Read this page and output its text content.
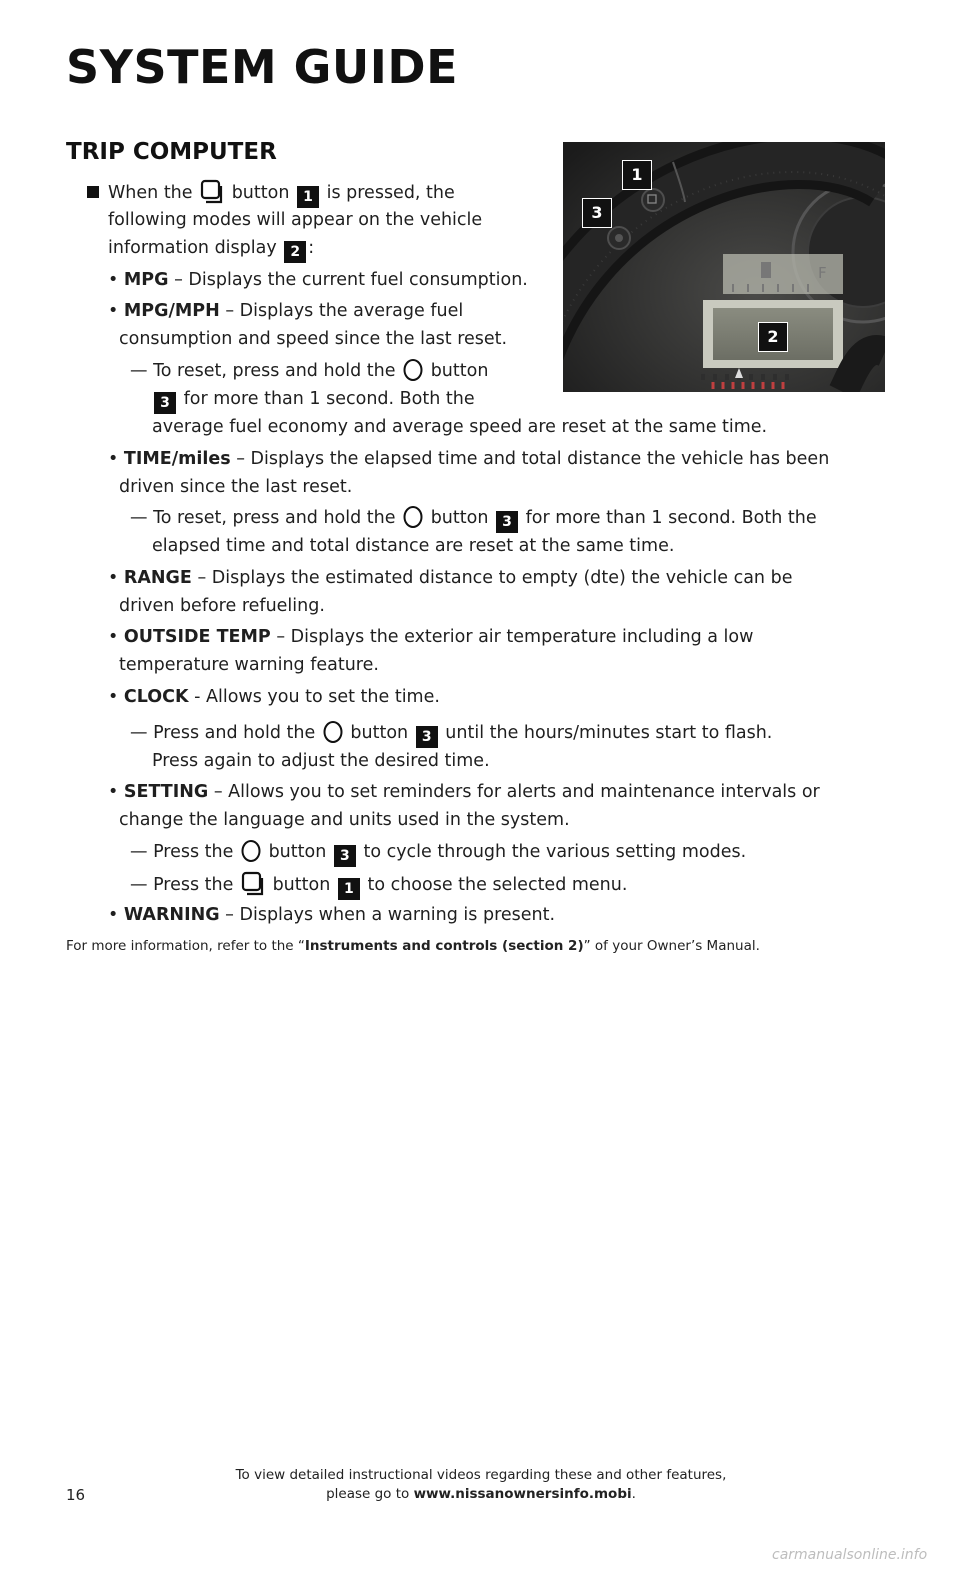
SYSTEM GUIDE
TRIP COMPUTER
F
1
3
2
When the button 1 is pressed, the
following modes will appear on the vehicle
information display 2 :
• MPG – Displays the current fuel consumption.
• MPG/MPH – Displays the average fuel
consumption and speed since the last reset.
— To reset, press and hold the button
3 for more than 1 second. Both the
average fuel economy and average speed are reset at the same time.
• TIME/miles – Displays the elapsed time and total distance the vehicle has been
driven since the last reset.
— To reset, press and hold the button 3 for more than 1 second. Both the
elapsed time and total distance are reset at the same time.
• RANGE – Displays the estimated distance to empty (dte) the vehicle can be
driven before refueling.
• OUTSIDE TEMP – Displays the exterior air temperature including a low
temperature warning feature.
• CLOCK - Allows you to set the time.
— Press and hold the button 3 until the hours/minutes start to flash.
Press again to adjust the desired time.
• SETTING – Allows you to set reminders for alerts and maintenance intervals or
change the language and units used in the system.
— Press the button 3 to cycle through the various setting modes.
— Press the button 1 to choose the selected menu.
• WARNING – Displays when a warning is present.
For more information, refer to the “Instruments and controls (section 2)” of your Owner’s Manual.
16
To view detailed instructional videos regarding these and other features,
please go to www.nissanownersinfo.mobi.
carmanualsonline.info
